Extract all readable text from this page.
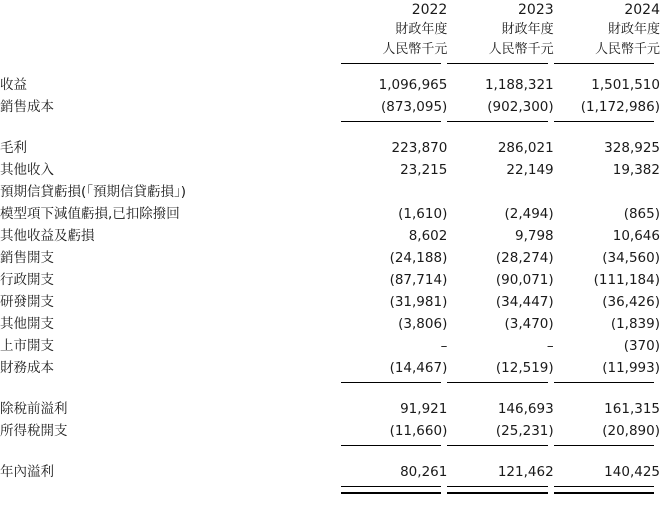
	2022	2023	2024
	財政年度	財政年度	財政年度
	人民幣千元	人民幣千元	人民幣千元

收益	1,096,965	1,188,321	1,501,510
銷售成本	(873,095)	(902,300)	(1,172,986)

毛利	223,870	286,021	328,925
其他收入	23,215	22,149	19,382
預期信貸虧損(「預期信貸虧損」)			
模型項下減值虧損,已扣除撥回	(1,610)	(2,494)	(865)
其他收益及虧損	8,602	9,798	10,646
銷售開支	(24,188)	(28,274)	(34,560)
行政開支	(87,714)	(90,071)	(111,184)
研發開支	(31,981)	(34,447)	(36,426)
其他開支	(3,806)	(3,470)	(1,839)
上市開支	–	–	(370)
財務成本	(14,467)	(12,519)	(11,993)

除稅前溢利	91,921	146,693	161,315
所得稅開支	(11,660)	(25,231)	(20,890)

年內溢利	80,261	121,462	140,425
